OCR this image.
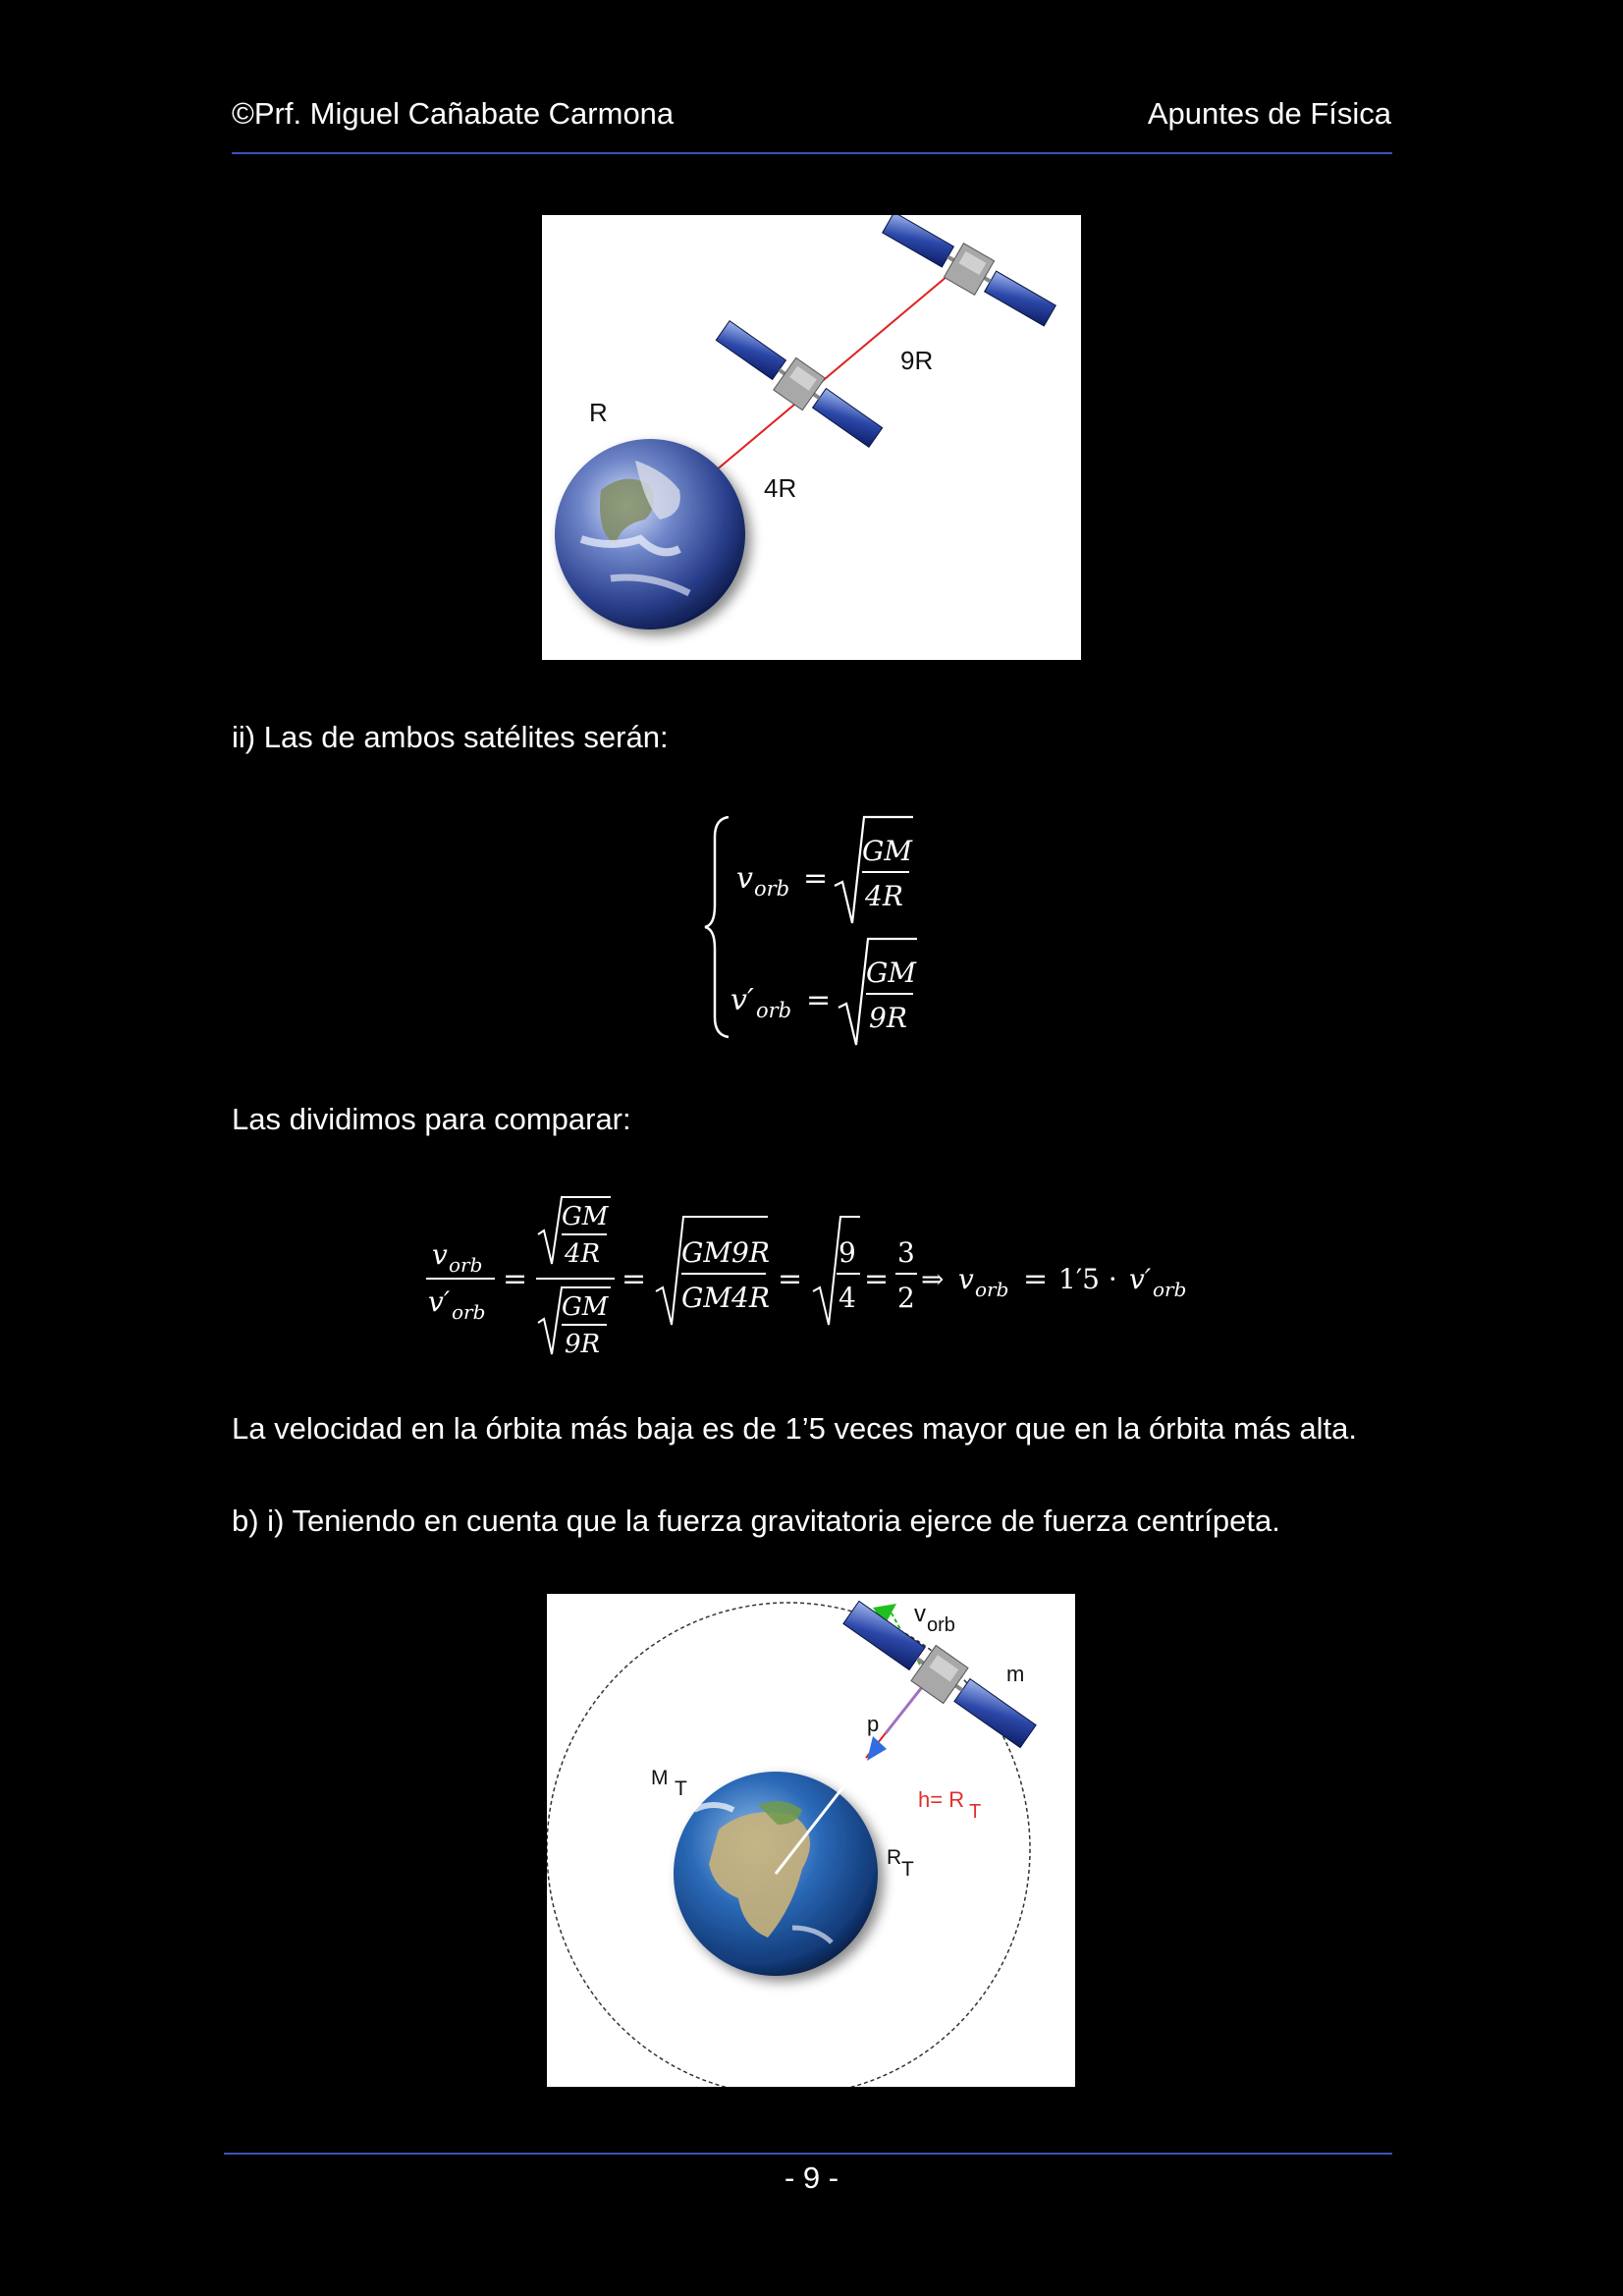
©Prf. Miguel Cañabate Carmona	Apuntes de Física
R
4R
9R
ii) Las de ambos satélites serán:
v orb =
GM
4R
v′ orb =
GM
9R
Las dividimos para comparar:
v orb
v′ orb
=
GM
4R
GM
9R
=
GM9R
GM4R
=
9
4
=
3
2
⇒ v orb = 1′5 · v′ orb
La velocidad en la órbita más baja es de 1’5 veces mayor que en la órbita más alta.
b) i) Teniendo en cuenta que la fuerza gravitatoria ejerce de fuerza centrípeta.
v orb
m
p
M T
R
T
h= R T
- 9 -
